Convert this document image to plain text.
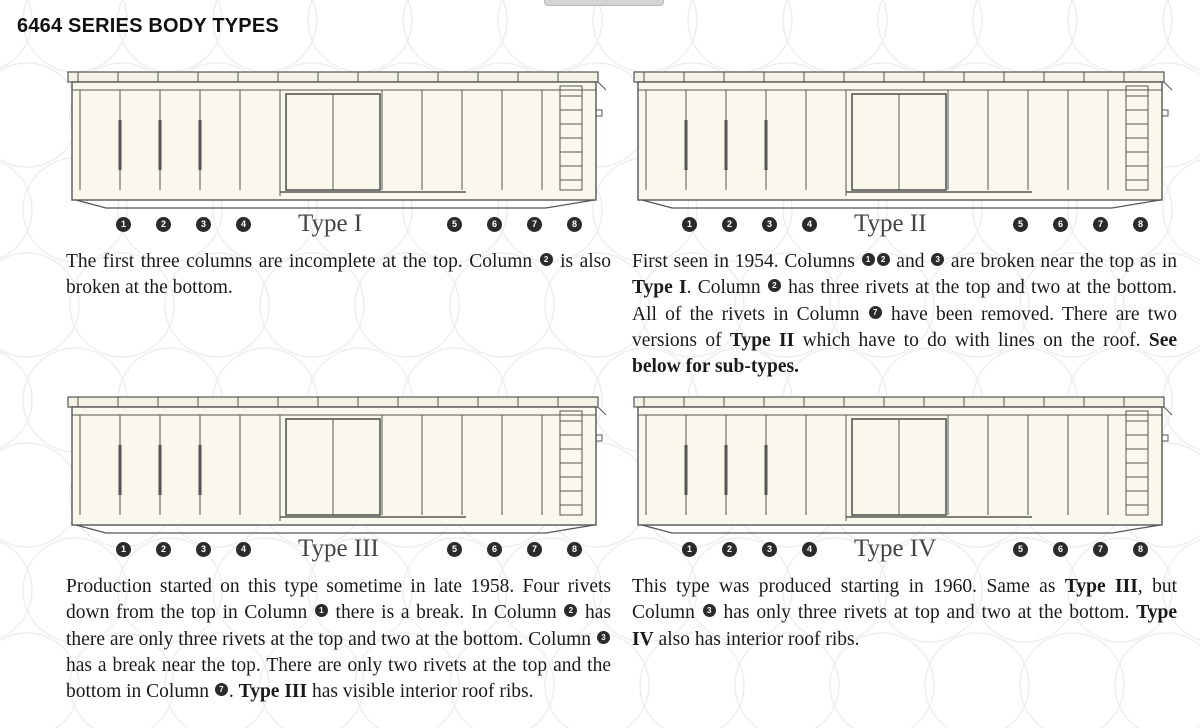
6464 SERIES BODY TYPES
Type I
1	2	3	4	5	6	7	8
The first three columns are incomplete at the top. Column 2 is also broken at the bottom.
Type II
1	2	3	4	5	6	7	8
First seen in 1954. Columns 1 2 and 3 are broken near the top as in Type I. Column 2 has three rivets at the top and two at the bottom. All of the rivets in Column 7 have been removed. There are two versions of Type II which have to do with lines on the roof. See below for sub-types.
Type III
1	2	3	4	5	6	7	8
Production started on this type sometime in late 1958. Four rivets down from the top in Column 1 there is a break. In Column 2 has there are only three rivets at the top and two at the bottom. Column 3 has a break near the top. There are only two rivets at the top and the bottom in Column 7 . Type III has visible interior roof ribs.
Type IV
1	2	3	4	5	6	7	8
This type was produced starting in 1960. Same as Type III, but Column 3 has only three rivets at top and two at the bottom. Type IV also has interior roof ribs.
